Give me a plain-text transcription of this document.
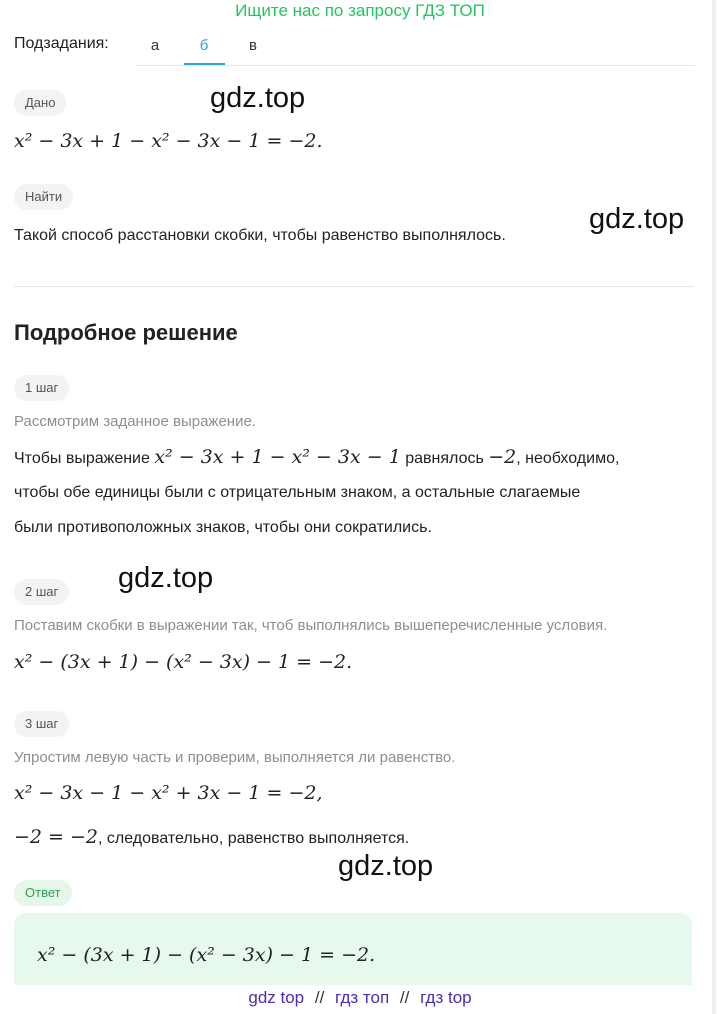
Ищите нас по запросу ГДЗ ТОП
Подзадания:	а	б	в
Дано	gdz.top
x² − 3x + 1 − x² − 3x − 1 = −2.
Найти
gdz.top
Такой способ расстановки скобки, чтобы равенство выполнялось.
Подробное решение
1 шаг
Рассмотрим заданное выражение.
Чтобы выражение x² − 3x + 1 − x² − 3x − 1 равнялось −2, необходимо,
чтобы обе единицы были с отрицательным знаком, а остальные слагаемые
были противоположных знаков, чтобы они сократились.
2 шаг	gdz.top
Поставим скобки в выражении так, чтоб выполнялись вышеперечисленные условия.
x² − (3x + 1) − (x² − 3x) − 1 = −2.
3 шаг
Упростим левую часть и проверим, выполняется ли равенство.
x² − 3x − 1 − x² + 3x − 1 = −2,
−2 = −2, следовательно, равенство выполняется.
gdz.top
Ответ
x² − (3x + 1) − (x² − 3x) − 1 = −2.
gdz top // гдз топ // гдз top
